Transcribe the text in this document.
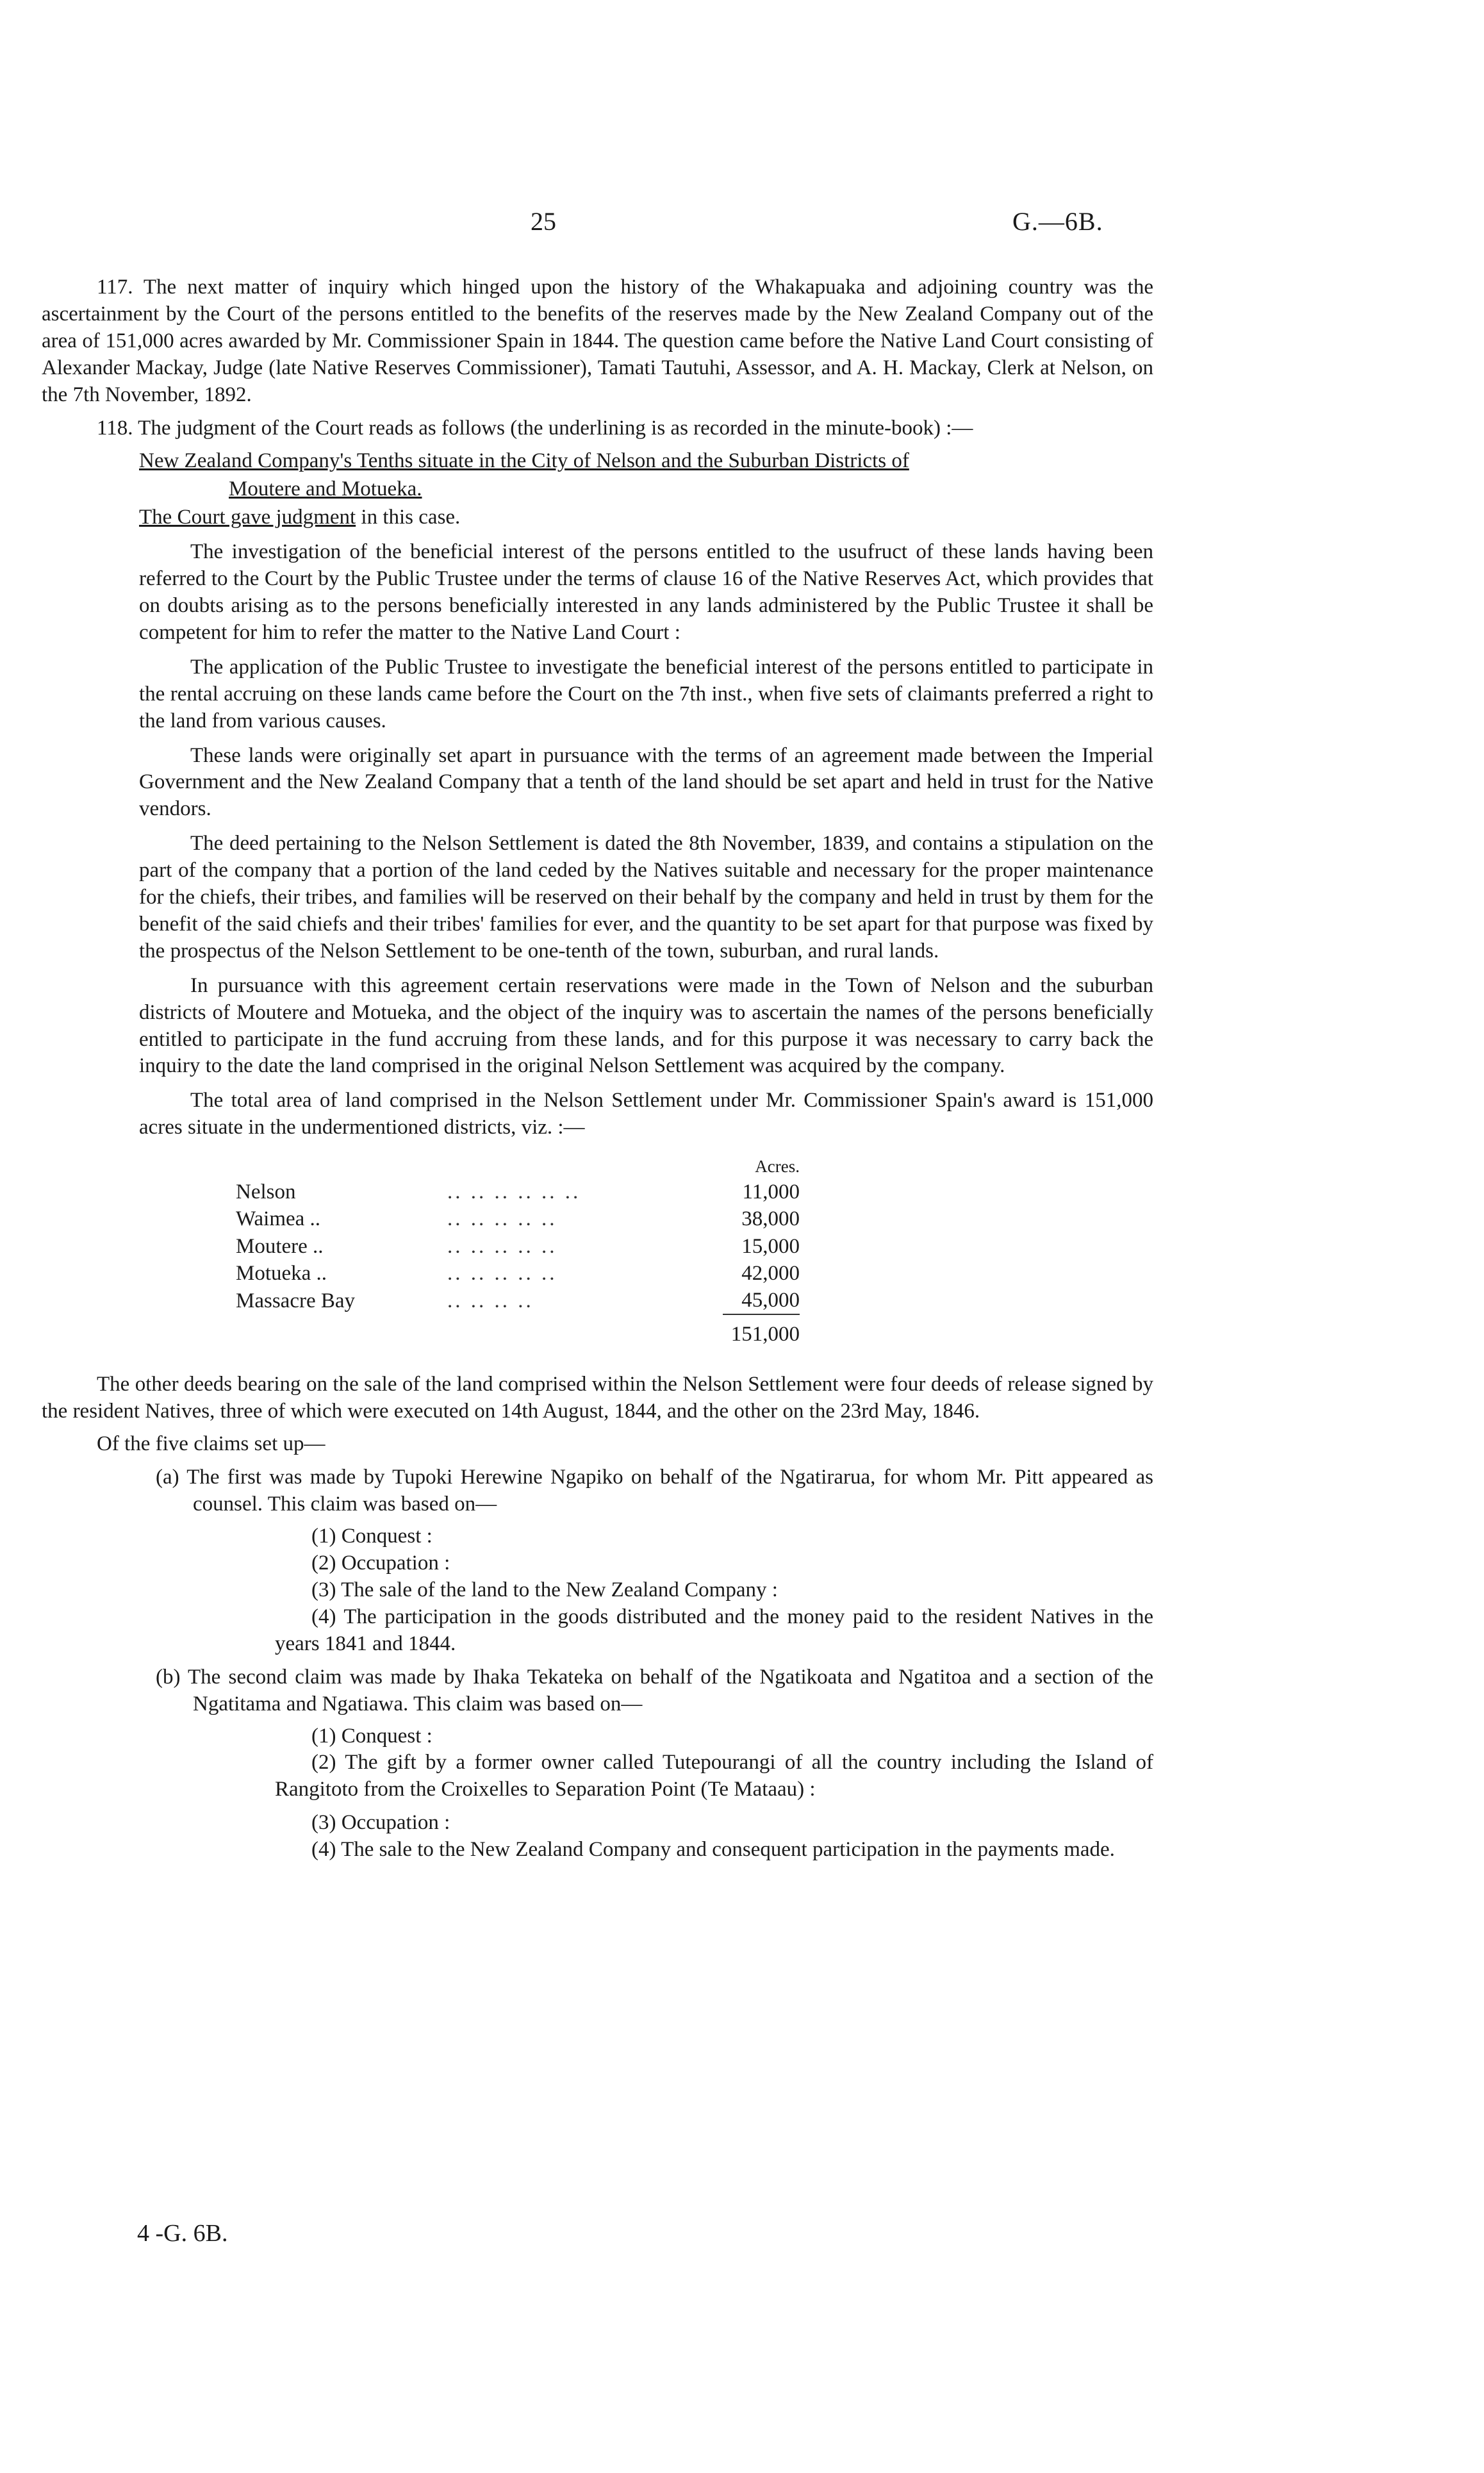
25	G.—6B.

117. The next matter of inquiry which hinged upon the history of the Whakapuaka and adjoining country was the ascertainment by the Court of the persons entitled to the benefits of the reserves made by the New Zealand Company out of the area of 151,000 acres awarded by Mr. Commissioner Spain in 1844. The question came before the Native Land Court consisting of Alexander Mackay, Judge (late Native Reserves Commissioner), Tamati Tautuhi, Assessor, and A. H. Mackay, Clerk at Nelson, on the 7th November, 1892.

118. The judgment of the Court reads as follows (the underlining is as recorded in the minute-book) :—

New Zealand Company's Tenths situate in the City of Nelson and the Suburban Districts of

Moutere and Motueka.

The Court gave judgment in this case.

The investigation of the beneficial interest of the persons entitled to the usufruct of these lands having been referred to the Court by the Public Trustee under the terms of clause 16 of the Native Reserves Act, which provides that on doubts arising as to the persons beneficially interested in any lands administered by the Public Trustee it shall be competent for him to refer the matter to the Native Land Court :

The application of the Public Trustee to investigate the beneficial interest of the persons entitled to participate in the rental accruing on these lands came before the Court on the 7th inst., when five sets of claimants preferred a right to the land from various causes.

These lands were originally set apart in pursuance with the terms of an agreement made between the Imperial Government and the New Zealand Company that a tenth of the land should be set apart and held in trust for the Native vendors.

The deed pertaining to the Nelson Settlement is dated the 8th November, 1839, and contains a stipulation on the part of the company that a portion of the land ceded by the Natives suitable and necessary for the proper maintenance for the chiefs, their tribes, and families will be reserved on their behalf by the company and held in trust by them for the benefit of the said chiefs and their tribes' families for ever, and the quantity to be set apart for that purpose was fixed by the prospectus of the Nelson Settlement to be one-tenth of the town, suburban, and rural lands.

In pursuance with this agreement certain reservations were made in the Town of Nelson and the suburban districts of Moutere and Motueka, and the object of the inquiry was to ascertain the names of the persons beneficially entitled to participate in the fund accruing from these lands, and for this purpose it was necessary to carry back the inquiry to the date the land comprised in the original Nelson Settlement was acquired by the company.

The total area of land comprised in the Nelson Settlement under Mr. Commissioner Spain's award is 151,000 acres situate in the undermentioned districts, viz. :—

		Acres.
Nelson	.. .. .. .. .. ..	11,000
Waimea ..	.. .. .. .. ..	38,000
Moutere ..	.. .. .. .. ..	15,000
Motueka ..	.. .. .. .. ..	42,000
Massacre Bay	.. .. .. ..	45,000
		151,000

The other deeds bearing on the sale of the land comprised within the Nelson Settlement were four deeds of release signed by the resident Natives, three of which were executed on 14th August, 1844, and the other on the 23rd May, 1846.

Of the five claims set up—

(a) The first was made by Tupoki Herewine Ngapiko on behalf of the Ngatirarua, for whom Mr. Pitt appeared as counsel. This claim was based on—

(1) Conquest :

(2) Occupation :

(3) The sale of the land to the New Zealand Company :

(4) The participation in the goods distributed and the money paid to the resident Natives in the years 1841 and 1844.

(b) The second claim was made by Ihaka Tekateka on behalf of the Ngatikoata and Ngatitoa and a section of the Ngatitama and Ngatiawa. This claim was based on—

(1) Conquest :

(2) The gift by a former owner called Tutepourangi of all the country including the Island of Rangitoto from the Croixelles to Separation Point (Te Mataau) :

(3) Occupation :

(4) The sale to the New Zealand Company and consequent participation in the payments made.

4 -G. 6B.
